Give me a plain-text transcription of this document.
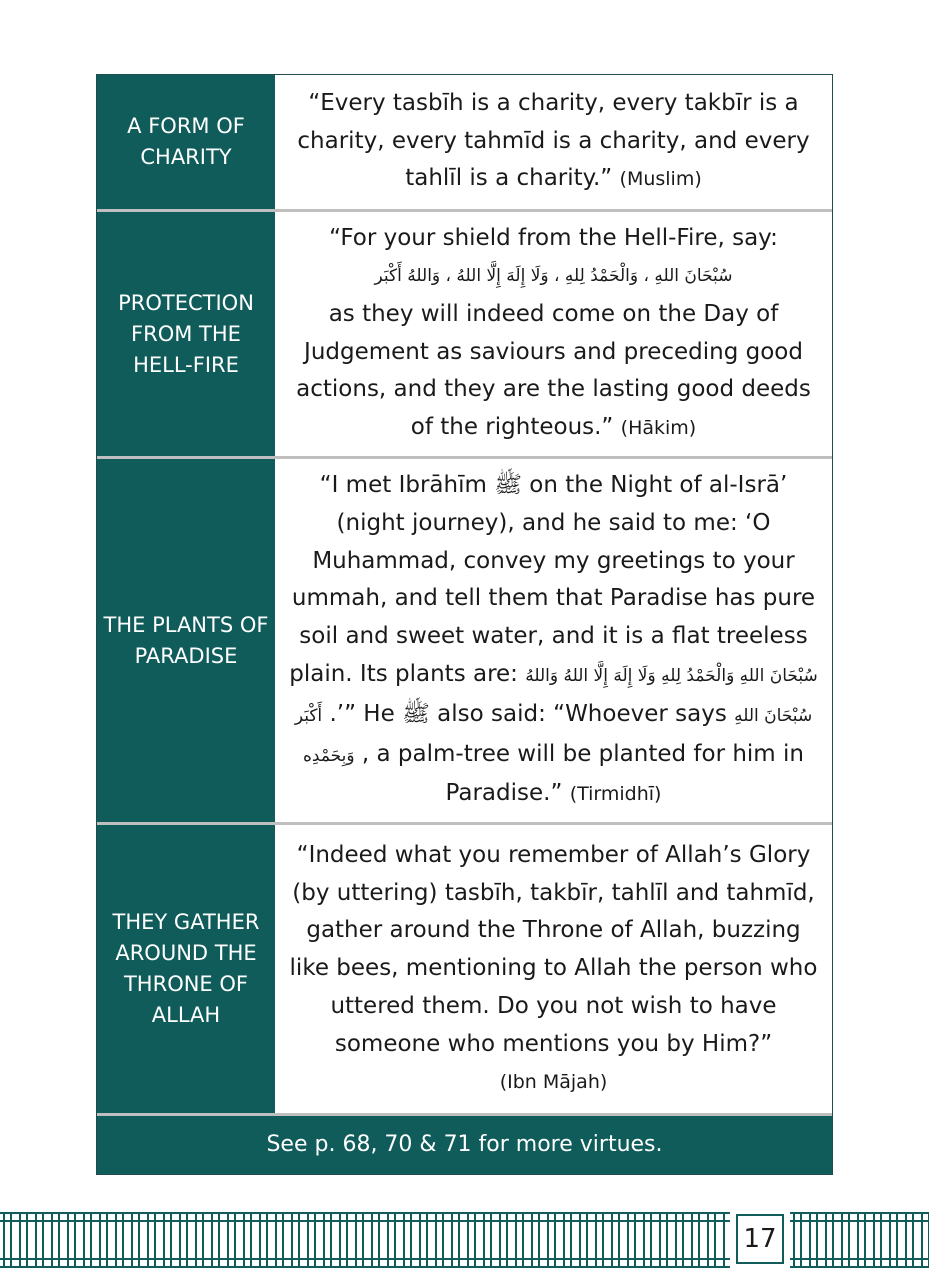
A FORM OF CHARITY
“Every tasbīh is a charity, every takbīr is a charity, every tahmīd is a charity, and every tahlīl is a charity.” (Muslim)
PROTECTION FROM THE HELL-FIRE
“For your shield from the Hell-Fire, say:
سُبْحَانَ اللهِ ، وَالْحَمْدُ لِلهِ ، وَلَا إِلَهَ إِلَّا اللهُ ، وَاللهُ أَكْبَر
as they will indeed come on the Day of Judgement as saviours and preceding good actions, and they are the lasting good deeds of the righteous.” (Hākim)
THE PLANTS OF PARADISE
“I met Ibrāhīm ﷺ on the Night of al-Isrā’ (night journey), and he said to me: ‘O Muhammad, convey my greetings to your ummah, and tell them that Paradise has pure soil and sweet water, and it is a flat treeless plain. Its plants are: سُبْحَانَ اللهِ وَالْحَمْدُ لِلهِ وَلَا إِلَهَ إِلَّا اللهُ وَاللهُ أَكْبَر .’” He ﷺ also said: “Whoever says سُبْحَانَ اللهِ وَبِحَمْدِه , a palm-tree will be planted for him in Paradise.” (Tirmidhī)
THEY GATHER AROUND THE THRONE OF ALLAH
“Indeed what you remember of Allah’s Glory (by uttering) tasbīh, takbīr, tahlīl and tahmīd, gather around the Throne of Allah, buzzing like bees, mentioning to Allah the person who uttered them. Do you not wish to have someone who mentions you by Him?”
(Ibn Mājah)
See p. 68, 70 & 71 for more virtues.
17
